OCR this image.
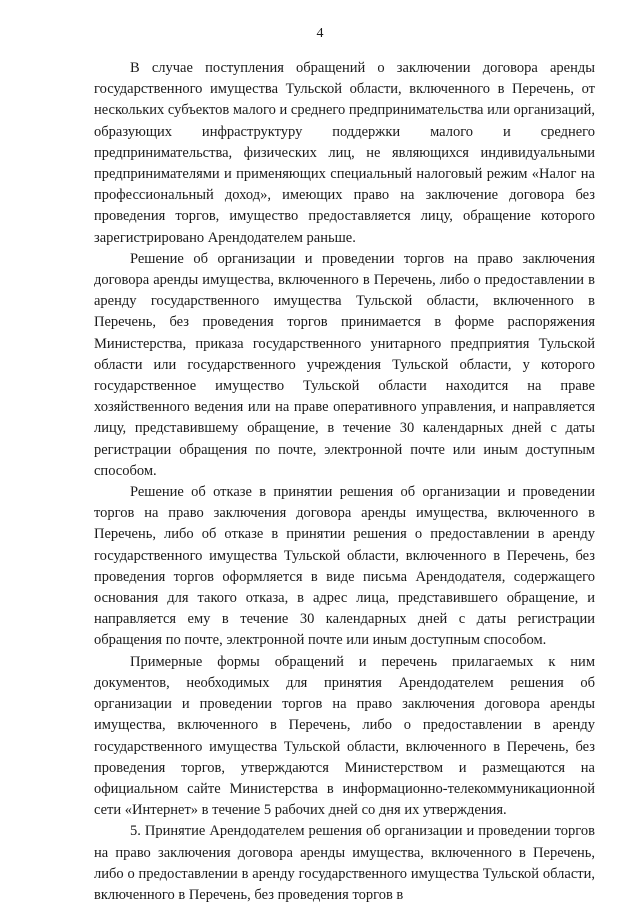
4

В случае поступления обращений о заключении договора аренды государственного имущества Тульской области, включенного в Перечень, от нескольких субъектов малого и среднего предпринимательства или организаций, образующих инфраструктуру поддержки малого и среднего предпринимательства, физических лиц, не являющихся индивидуальными предпринимателями и применяющих специальный налоговый режим «Налог на профессиональный доход», имеющих право на заключение договора без проведения торгов, имущество предоставляется лицу, обращение которого зарегистрировано Арендодателем раньше.

Решение об организации и проведении торгов на право заключения договора аренды имущества, включенного в Перечень, либо о предоставлении в аренду государственного имущества Тульской области, включенного в Перечень, без проведения торгов принимается в форме распоряжения Министерства, приказа государственного унитарного предприятия Тульской области или государственного учреждения Тульской области, у которого государственное имущество Тульской области находится на праве хозяйственного ведения или на праве оперативного управления, и направляется лицу, представившему обращение, в течение 30 календарных дней с даты регистрации обращения по почте, электронной почте или иным доступным способом.

Решение об отказе в принятии решения об организации и проведении торгов на право заключения договора аренды имущества, включенного в Перечень, либо об отказе в принятии решения о предоставлении в аренду государственного имущества Тульской области, включенного в Перечень, без проведения торгов оформляется в виде письма Арендодателя, содержащего основания для такого отказа, в адрес лица, представившего обращение, и направляется ему в течение 30 календарных дней с даты регистрации обращения по почте, электронной почте или иным доступным способом.

Примерные формы обращений и перечень прилагаемых к ним документов, необходимых для принятия Арендодателем решения об организации и проведении торгов на право заключения договора аренды имущества, включенного в Перечень, либо о предоставлении в аренду государственного имущества Тульской области, включенного в Перечень, без проведения торгов, утверждаются Министерством и размещаются на официальном сайте Министерства в информационно-телекоммуникационной сети «Интернет» в течение 5 рабочих дней со дня их утверждения.

5. Принятие Арендодателем решения об организации и проведении торгов на право заключения договора аренды имущества, включенного в Перечень, либо о предоставлении в аренду государственного имущества Тульской области, включенного в Перечень, без проведения торгов в
